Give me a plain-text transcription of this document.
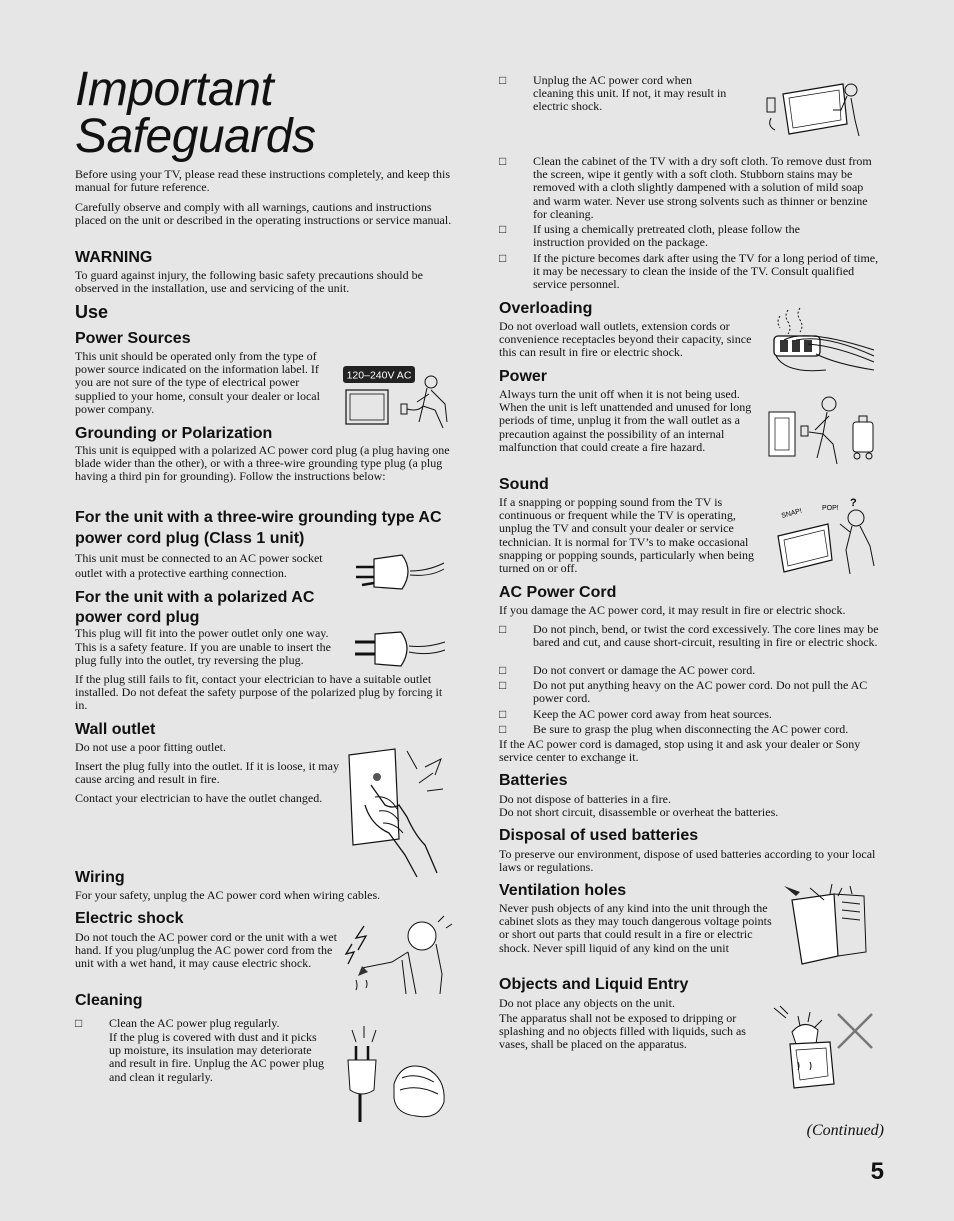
Important
Safeguards

Before using your TV, please read these instructions completely, and keep this manual for future reference.

Carefully observe and comply with all warnings, cautions and instructions placed on the unit or described in the operating instructions or service manual.

WARNING

To guard against injury, the following basic safety precautions should be observed in the installation, use and servicing of the unit.

Use
Power Sources

This unit should be operated only from the type of power source indicated on the information label. If you are not sure of the type of electrical power supplied to your home, consult your dealer or local power company.

120–240V AC
Grounding or Polarization

This unit is equipped with a polarized AC power cord plug (a plug having one blade wider than the other), or with a three-wire grounding type plug (a plug having a third pin for grounding). Follow the instructions below:

For the unit with a three-wire grounding type AC power cord plug (Class 1 unit)

This unit must be connected to an AC power socket outlet with a protective earthing connection.

For the unit with a polarized AC power cord plug

This plug will fit into the power outlet only one way. This is a safety feature. If you are unable to insert the plug fully into the outlet, try reversing the plug.

If the plug still fails to fit, contact your electrician to have a suitable outlet installed. Do not defeat the safety purpose of the polarized plug by forcing it in.

Wall outlet

Do not use a poor fitting outlet.

Insert the plug fully into the outlet. If it is loose, it may cause arcing and result in fire.

Contact your electrician to have the outlet changed.

Wiring

For your safety, unplug the AC power cord when wiring cables.

Electric shock

Do not touch the AC power cord or the unit with a wet hand. If you plug/unplug the AC power cord from the unit with a wet hand, it may cause electric shock.

Cleaning
□ Clean the AC power plug regularly.

If the plug is covered with dust and it picks up moisture, its insulation may deteriorate and result in fire. Unplug the AC power plug and clean it regularly.

□ Unplug the AC power cord when cleaning this unit. If not, it may result in electric shock.
□ Clean the cabinet of the TV with a dry soft cloth. To remove dust from the screen, wipe it gently with a soft cloth. Stubborn stains may be removed with a cloth slightly dampened with a solution of mild soap and warm water. Never use strong solvents such as thinner or benzine for cleaning.
□ If using a chemically pretreated cloth, please follow the instruction provided on the package.
□ If the picture becomes dark after using the TV for a long period of time, it may be necessary to clean the inside of the TV. Consult qualified service personnel.
Overloading

Do not overload wall outlets, extension cords or convenience receptacles beyond their capacity, since this can result in fire or electric shock.

Power

Always turn the unit off when it is not being used. When the unit is left unattended and unused for long periods of time, unplug it from the wall outlet as a precaution against the possibility of an internal malfunction that could create a fire hazard.

Sound

If a snapping or popping sound from the TV is continuous or frequent while the TV is operating, unplug the TV and consult your dealer or service technician. It is normal for TV’s to make occasional snapping or popping sounds, particularly when being turned on or off.

SNAP!	POP! ?
AC Power Cord

If you damage the AC power cord, it may result in fire or electric shock.

□ Do not pinch, bend, or twist the cord excessively. The core lines may be bared and cut, and cause short-circuit, resulting in fire or electric shock.
□ Do not convert or damage the AC power cord.
□ Do not put anything heavy on the AC power cord. Do not pull the AC power cord.
□ Keep the AC power cord away from heat sources.
□ Be sure to grasp the plug when disconnecting the AC power cord.

If the AC power cord is damaged, stop using it and ask your dealer or Sony service center to exchange it.

Batteries

Do not dispose of batteries in a fire.

Do not short circuit, disassemble or overheat the batteries.

Disposal of used batteries

To preserve our environment, dispose of used batteries according to your local laws or regulations.

Ventilation holes

Never push objects of any kind into the unit through the cabinet slots as they may touch dangerous voltage points or short out parts that could result in a fire or electric shock. Never spill liquid of any kind on the unit

Objects and Liquid Entry

Do not place any objects on the unit.

The apparatus shall not be exposed to dripping or splashing and no objects filled with liquids, such as vases, shall be placed on the apparatus.

(Continued)
5
